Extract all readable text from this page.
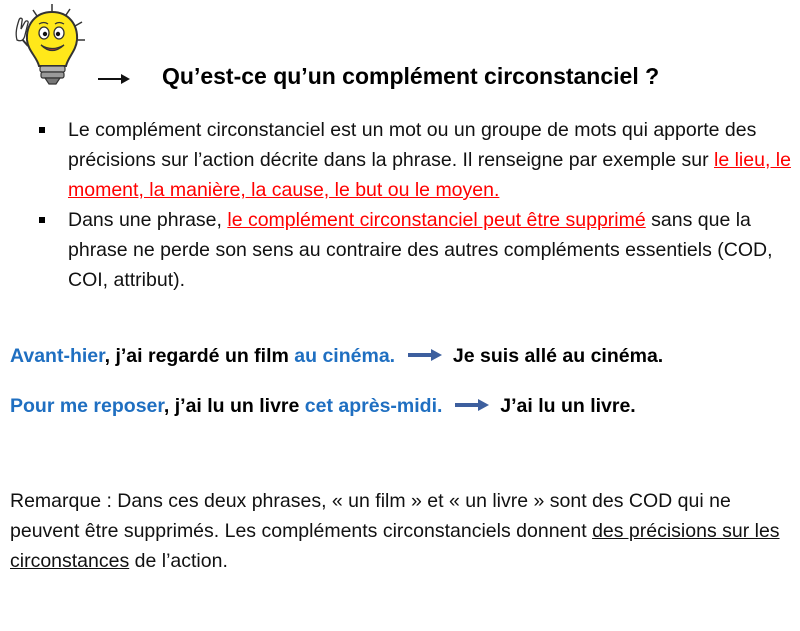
Qu’est-ce qu’un complément circonstanciel ?
Le complément circonstanciel est un mot ou un groupe de mots qui apporte des précisions sur l’action décrite dans la phrase. Il renseigne par exemple sur le lieu, le moment, la manière, la cause, le but ou le moyen.
Dans une phrase, le complément circonstanciel peut être supprimé sans que la phrase ne perde son sens au contraire des autres compléments essentiels (COD, COI, attribut).
Avant-hier, j’ai regardé un film au cinéma.	Je suis allé au cinéma.
Pour me reposer, j’ai lu un livre cet après-midi.	J’ai lu un livre.

Remarque : Dans ces deux phrases, « un film » et « un livre » sont des COD qui ne peuvent être supprimés. Les compléments circonstanciels donnent des précisions sur les circonstances de l’action.
